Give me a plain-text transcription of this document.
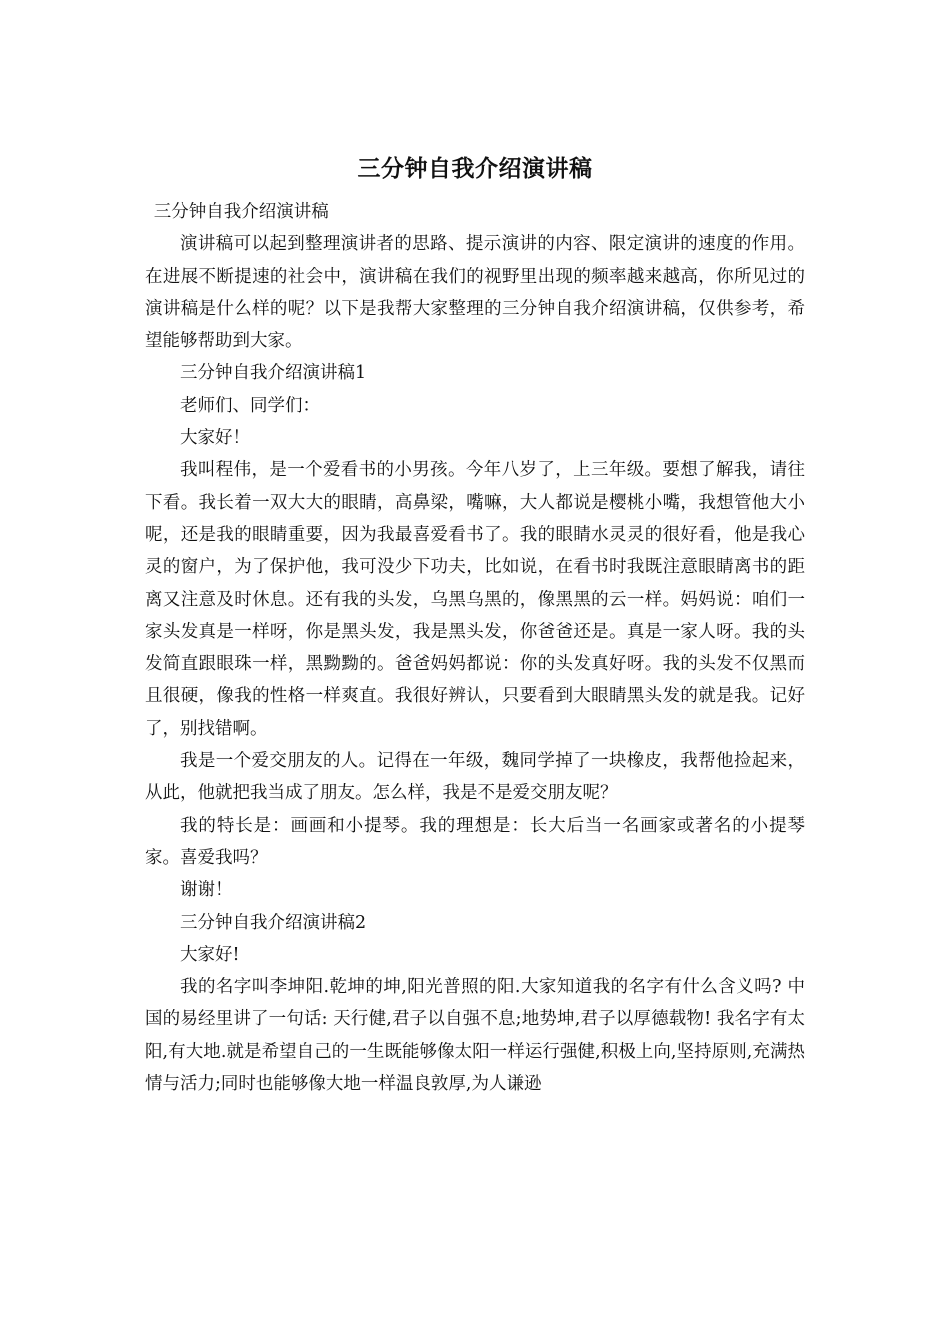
三分钟自我介绍演讲稿

三分钟自我介绍演讲稿

演讲稿可以起到整理演讲者的思路、提示演讲的内容、限定演讲的速度的作用。在进展不断提速的社会中，演讲稿在我们的视野里出现的频率越来越高，你所见过的演讲稿是什么样的呢？以下是我帮大家整理的三分钟自我介绍演讲稿，仅供参考，希望能够帮助到大家。

三分钟自我介绍演讲稿1

老师们、同学们：

大家好！

我叫程伟，是一个爱看书的小男孩。今年八岁了，上三年级。要想了解我，请往下看。我长着一双大大的眼睛，高鼻梁，嘴嘛，大人都说是樱桃小嘴，我想管他大小呢，还是我的眼睛重要，因为我最喜爱看书了。我的眼睛水灵灵的很好看，他是我心灵的窗户，为了保护他，我可没少下功夫，比如说，在看书时我既注意眼睛离书的距离又注意及时休息。还有我的头发，乌黑乌黑的，像黑黑的云一样。妈妈说：咱们一家头发真是一样呀，你是黑头发，我是黑头发，你爸爸还是。真是一家人呀。我的头发简直跟眼珠一样，黑黝黝的。爸爸妈妈都说：你的头发真好呀。我的头发不仅黑而且很硬，像我的性格一样爽直。我很好辨认，只要看到大眼睛黑头发的就是我。记好了，别找错啊。

我是一个爱交朋友的人。记得在一年级，魏同学掉了一块橡皮，我帮他捡起来，从此，他就把我当成了朋友。怎么样，我是不是爱交朋友呢？

我的特长是：画画和小提琴。我的理想是：长大后当一名画家或著名的小提琴家。喜爱我吗？

谢谢！

三分钟自我介绍演讲稿2

大家好!

我的名字叫李坤阳.乾坤的坤,阳光普照的阳.大家知道我的名字有什么含义吗? 中国的易经里讲了一句话: 天行健,君子以自强不息;地势坤,君子以厚德载物! 我名字有太阳,有大地.就是希望自己的一生既能够像太阳一样运行强健,积极上向,坚持原则,充满热情与活力;同时也能够像大地一样温良敦厚,为人谦逊
